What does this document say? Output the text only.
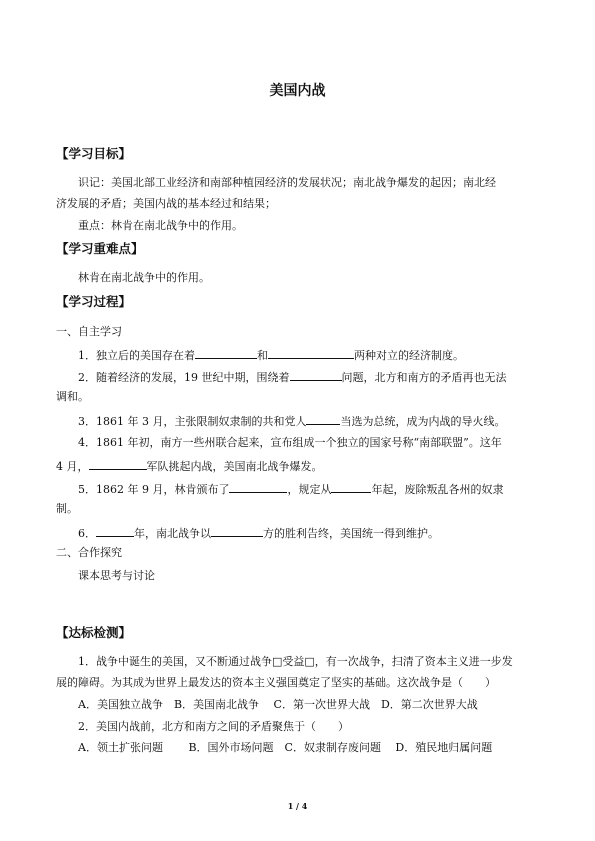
美国内战
【学习目标】
识记：美国北部工业经济和南部种植园经济的发展状况；南北战争爆发的起因；南北经
济发展的矛盾；美国内战的基本经过和结果；
重点：林肯在南北战争中的作用。
【学习重难点】
林肯在南北战争中的作用。
【学习过程】
一、自主学习
1．独立后的美国存在着	和	两种对立的经济制度。
2．随着经济的发展，19 世纪中期，围绕着	问题，北方和南方的矛盾再也无法
调和。
3．1861 年 3 月，主张限制奴隶制的共和党人	当选为总统，成为内战的导火线。
4．1861 年初，南方一些州联合起来，宣布组成一个独立的国家号称“南部联盟”。这年
4 月，	军队挑起内战，美国南北战争爆发。
5．1862 年 9 月，林肯颁布了	，规定从	年起，废除叛乱各州的奴隶
制。
6．	年，南北战争以	方的胜利告终，美国统一得到维护。
二、合作探究
课本思考与讨论
【达标检测】
1．战争中诞生的美国，又不断通过战争□受益□，有一次战争，扫清了资本主义进一步发
展的障碍。为其成为世界上最发达的资本主义强国奠定了坚实的基础。这次战争是（　　）
A．美国独立战争　B．美国南北战争　 C．第一次世界大战　D．第二次世界大战
2．美国内战前，北方和南方之间的矛盾聚焦于（　　）
A．领土扩张问题　　 B．国外市场问题　C．奴隶制存废问题　 D．殖民地归属问题
1 / 4
